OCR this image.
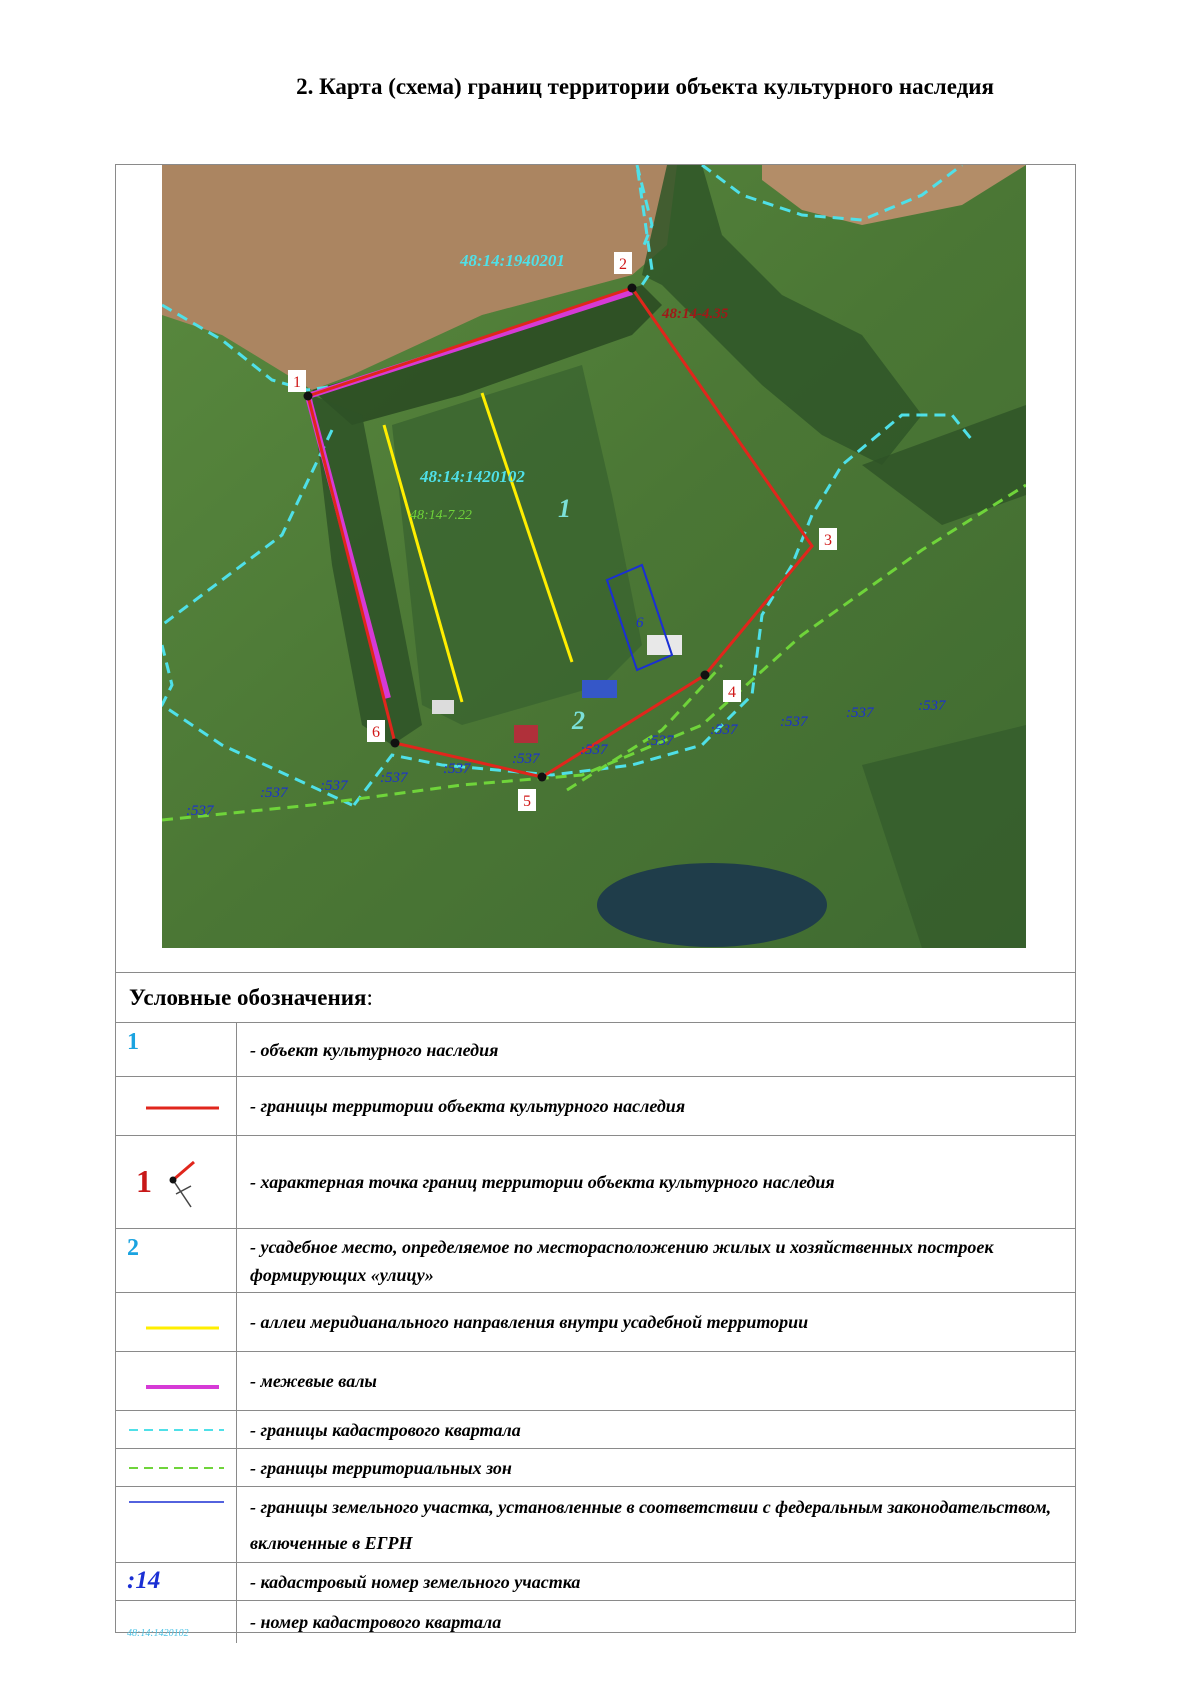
2. Карта (схема) границ территории объекта культурного наследия
1
2
3
4
5
6
48:14:1940201
48:14:1420102
48:14-4.35
48:14-7.22	1
2
6
:537
:537 :537 :537
:537
:537
:537
:537
:537	:537
:537	:537
Условные обозначения:
1	- объект культурного наследия

	- границы территории объекта культурного наследия

1	- характерная точка границ территории объекта культурного наследия

2	- усадебное место, определяемое по месторасположению жилых и хозяйственных построек формирующих «улицу»

	- аллеи меридианального направления внутри усадебной территории

	- межевые валы

	- границы кадастрового квартала

	- границы территориальных зон

	- границы земельного участка, установленные в соответствии с федеральным законодательством, включенные в ЕГРН

:14	- кадастровый номер земельного участка

48:14:1420102	- номер кадастрового квартала
